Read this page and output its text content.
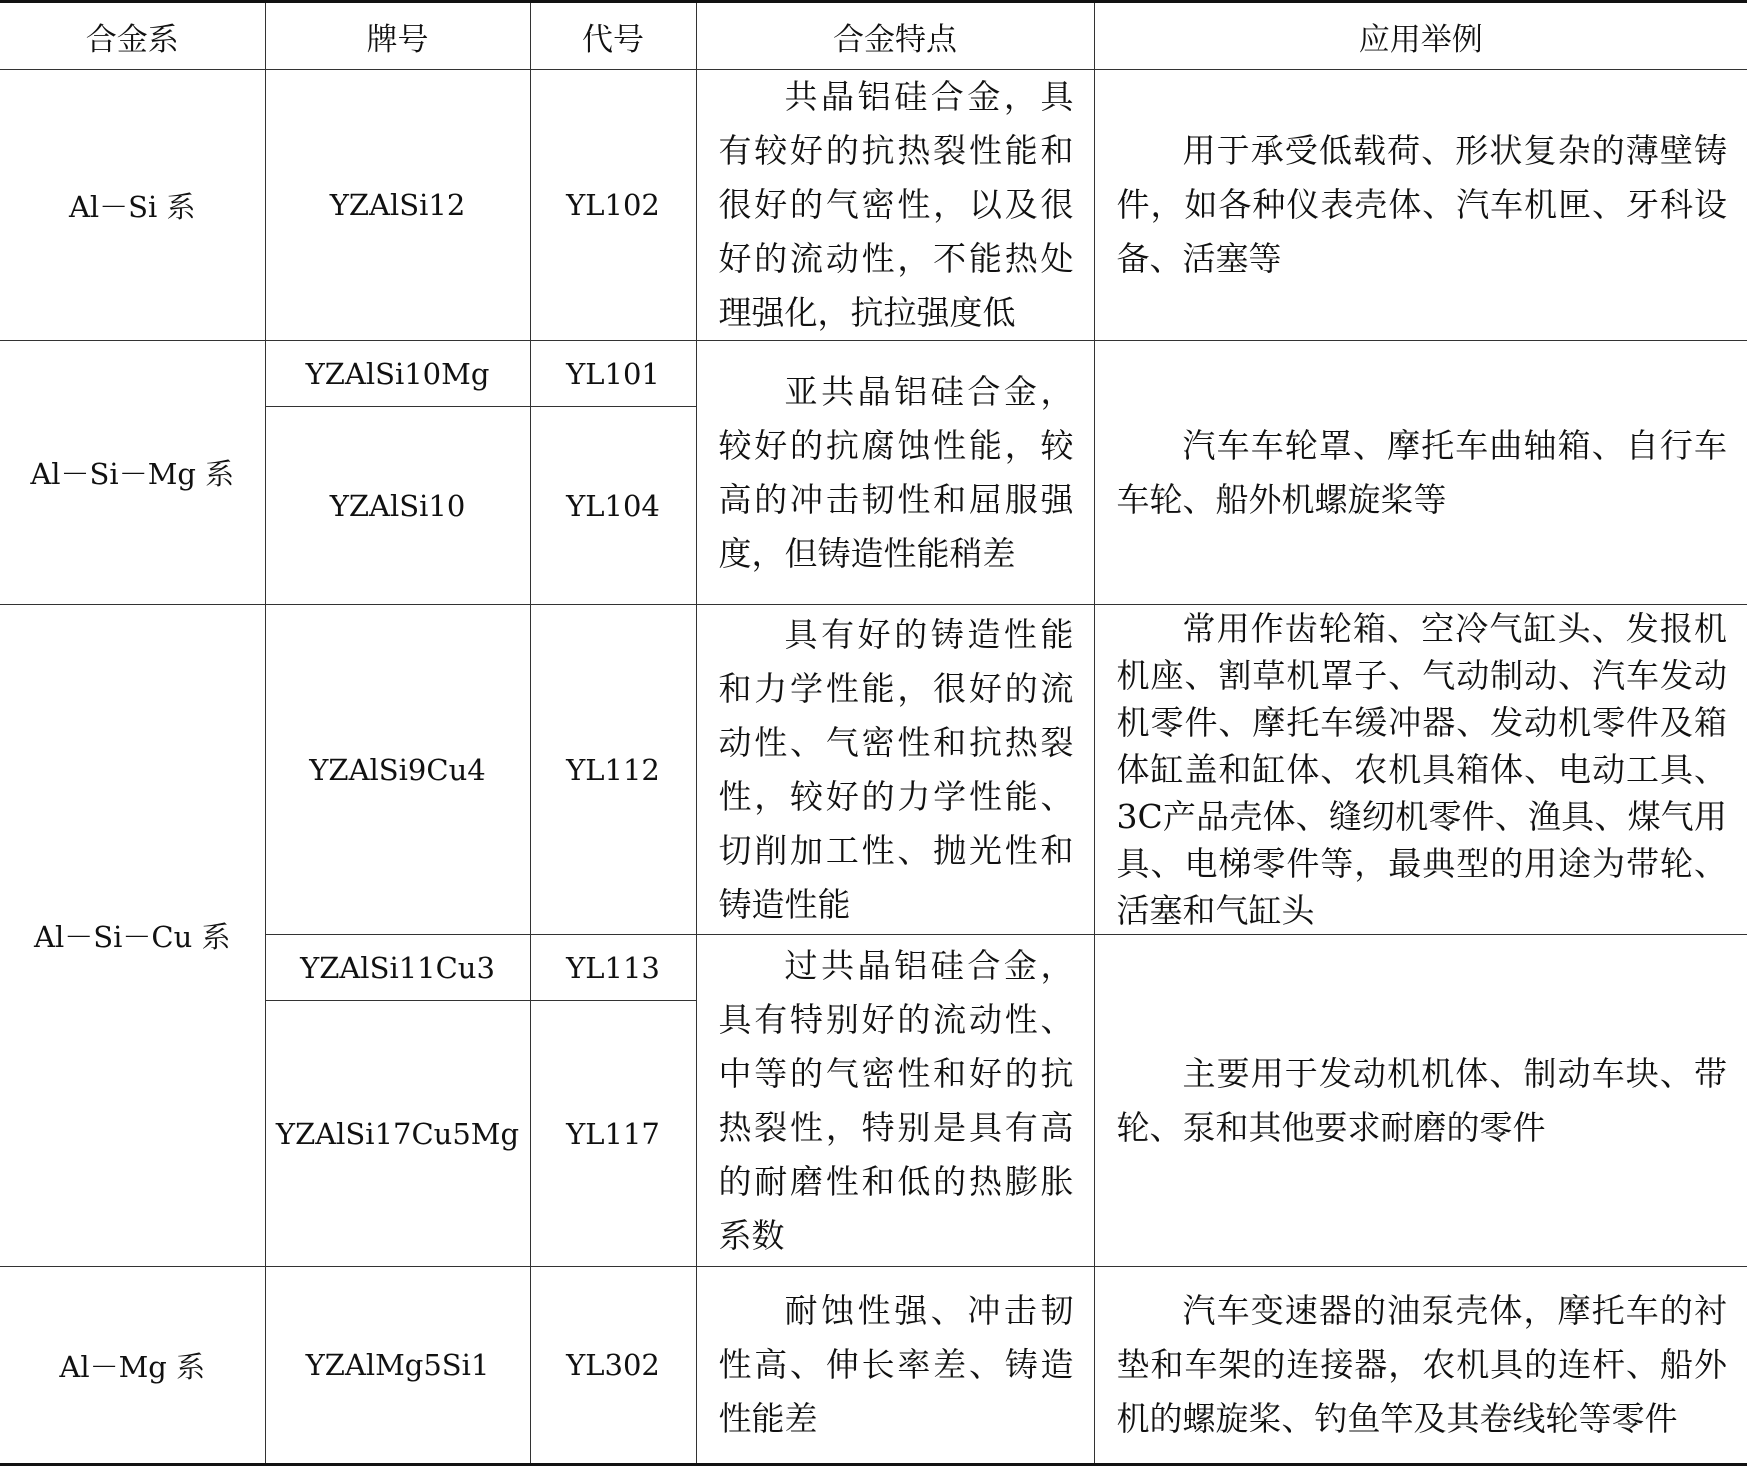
合金系	牌号	代号	合金特点	应用举例
Al－Si 系	YZAlSi12	YL102	共晶铝硅合金，具有较好的抗热裂性能和很好的气密性，以及很好的流动性，不能热处理强化，抗拉强度低	用于承受低载荷、形状复杂的薄壁铸件，如各种仪表壳体、汽车机匣、牙科设备、活塞等
Al－Si－Mg 系	YZAlSi10Mg	YL101	亚共晶铝硅合金，较好的抗腐蚀性能，较高的冲击韧性和屈服强度，但铸造性能稍差	汽车车轮罩、摩托车曲轴箱、自行车车轮、船外机螺旋桨等
	YZAlSi10	YL104		
Al－Si－Cu 系	YZAlSi9Cu4	YL112	具有好的铸造性能和力学性能，很好的流动性、气密性和抗热裂性，较好的力学性能、切削加工性、抛光性和铸造性能	常用作齿轮箱、空冷气缸头、发报机机座、割草机罩子、气动制动、汽车发动机零件、摩托车缓冲器、发动机零件及箱体缸盖和缸体、农机具箱体、电动工具、3C产品壳体、缝纫机零件、渔具、煤气用具、电梯零件等，最典型的用途为带轮、活塞和气缸头
	YZAlSi11Cu3	YL113	过共晶铝硅合金，具有特别好的流动性、中等的气密性和好的抗热裂性，特别是具有高的耐磨性和低的热膨胀系数	主要用于发动机机体、制动车块、带轮、泵和其他要求耐磨的零件
	YZAlSi17Cu5Mg	YL117		
Al－Mg 系	YZAlMg5Si1	YL302	耐蚀性强、冲击韧性高、伸长率差、铸造性能差	汽车变速器的油泵壳体，摩托车的衬垫和车架的连接器，农机具的连杆、船外机的螺旋桨、钓鱼竿及其卷线轮等零件
